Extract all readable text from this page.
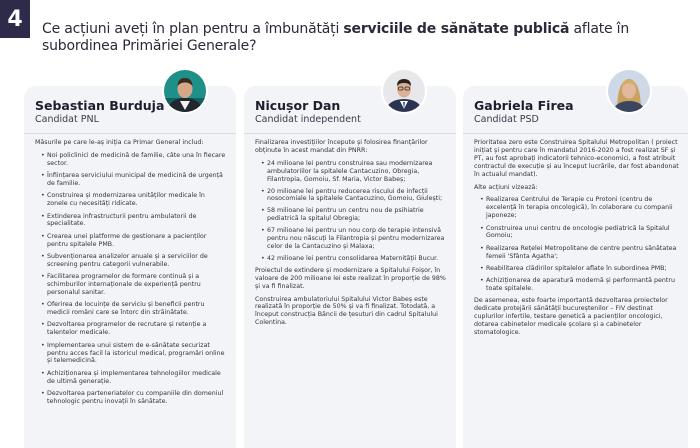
4	Ce acțiuni aveți în plan pentru a îmbunătăți serviciile de sănătate publică aflate în subordinea Primăriei Generale?
Sebastian Burduja
Candidat PNL

Măsurile pe care le-aș iniția ca Primar General includ:

• Noi policlinici de medicină de familie, câte una în fiecare sector.
• Înființarea serviciului municipal de medicină de urgență de familie.
• Construirea și modernizarea unităților medicale în zonele cu necesități ridicate.
• Extinderea infrastructurii pentru ambulatorii de specialitate.
• Crearea unei platforme de gestionare a pacienților pentru spitalele PMB.
• Subvenționarea analizelor anuale și a serviciilor de screening pentru categorii vulnerabile.
• Facilitarea programelor de formare continuă și a schimburilor internaționale de experiență pentru personalul sanitar.
• Oferirea de locuințe de serviciu și beneficii pentru medicii români care se întorc din străinătate.
• Dezvoltarea programelor de recrutare și retenție a talentelor medicale.
• Implementarea unui sistem de e-sănătate securizat pentru acces facil la istoricul medical, programări online și telemedicină.
• Achiziționarea și implementarea tehnologiilor medicale de ultimă generație.
• Dezvoltarea parteneriatelor cu companiile din domeniul tehnologic pentru inovații în sănătate.
Nicușor Dan
Candidat independent

Finalizarea investițiilor începute și folosirea finanțărilor obținute în acest mandat din PNRR:

• 24 milioane lei pentru construirea sau modernizarea ambulatoriilor la spitalele Cantacuzino, Obregia, Filantropia, Gomoiu, Sf. Maria, Victor Babeș;
• 20 milioane lei pentru reducerea riscului de infecții nosocomiale la spitalele Cantacuzino, Gomoiu, Giulești;
• 58 milioane lei pentru un centru nou de psihiatrie pediatrică la spitalul Obregia;
• 67 milioane lei pentru un nou corp de terapie intensivă pentru nou născuți la Filantropia și pentru modernizarea celor de la Cantacuzino și Malaxa;
• 42 milioane lei pentru consolidarea Maternității Bucur.

Proiectul de extindere și modernizare a Spitalului Foișor, în valoare de 200 milioane lei este realizat în proporție de 98% și va fi finalizat.

Construirea ambulatoriului Spitalului Victor Babeș este realizată în proporție de 50% și va fi finalizat. Totodată, a început construcția Băncii de țesuturi din cadrul Spitalului Colentina.

Gabriela Firea
Candidat PSD

Prioritatea zero este Construirea Spitalului Metropolitan ( proiect inițiat și pentru care în mandatul 2016-2020 a fost realizat SF și PT, au fost aprobați indicatorii tehnico-economici, a fost atribuit contractul de execuție și au început lucrările, dar fost abandonat în actualul mandat).

Alte acțiuni vizează:

• Realizarea Centrului de Terapie cu Protoni (centru de excelență în terapia oncologică), în colaborare cu companii japoneze;
• Construirea unui centru de oncologie pediatrică la Spitalul Gomoiu;
• Realizarea Rețelei Metropolitane de centre pentru sănătatea femeii 'Sfânta Agatha';
• Reabilitarea clădirilor spitalelor aflate în subordinea PMB;
• Achiziționarea de aparatură modernă și performantă pentru toate spitalele.

De asemenea, este foarte importantă dezvoltarea proiectelor dedicate protejării sănătății bucureștenilor – FIV destinat cuplurilor infertile, testare genetică a pacienților oncologici, dotarea cabinetelor medicale școlare și a cabinetelor stomatologice.
